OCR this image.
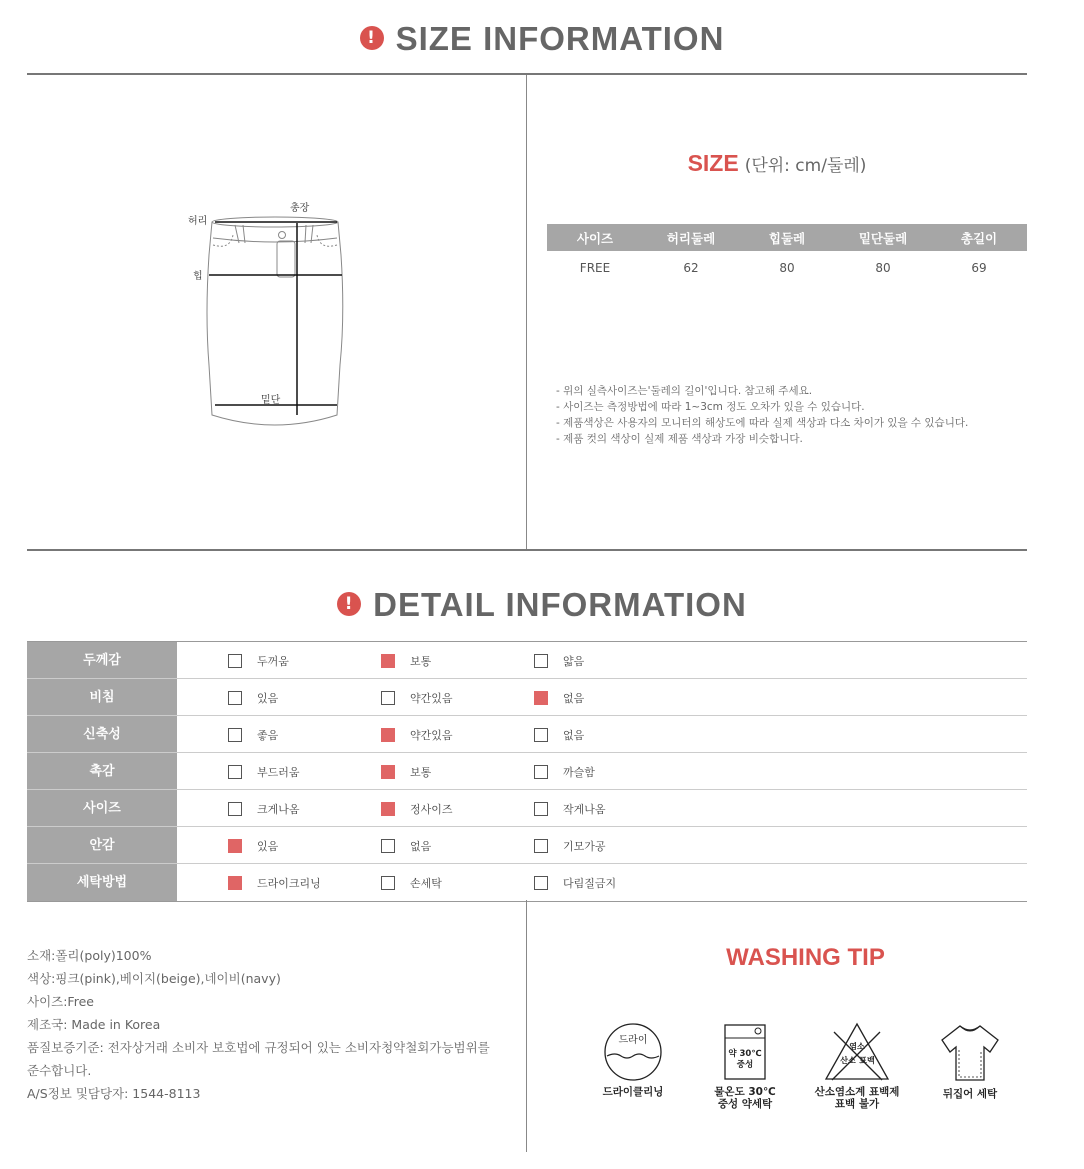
! SIZE INFORMATION
허리
총장
힙
밑단
SIZE (단위: cm/둘레)
사이즈	허리둘레	힙둘레	밑단둘레	총길이
FREE	62	80	80	69
- 위의 실측사이즈는'둘레의 길이'입니다. 참고해 주세요.
- 사이즈는 측정방법에 따라 1~3cm 정도 오차가 있을 수 있습니다.
- 제품색상은 사용자의 모니터의 해상도에 따라 실제 색상과 다소 차이가 있을 수 있습니다.
- 제품 컷의 색상이 실제 제품 색상과 가장 비슷합니다.
! DETAIL INFORMATION
두께감	두꺼움	보통	얇음
비침	있음	약간있음	없음
신축성	좋음	약간있음	없음
촉감	부드러움	보통	까슬함
사이즈	크게나옴	정사이즈	작게나옴
안감	있음	없음	기모가공
세탁방법	드라이크리닝	손세탁	다림질금지
소재:폴리(poly)100%
색상:핑크(pink),베이지(beige),네이비(navy)
사이즈:Free
제조국: Made in Korea
품질보증기준: 전자상거래 소비자 보호법에 규정되어 있는 소비자청약철회가능범위를
준수합니다.
A/S정보 및담당자: 1544-8113
WASHING TIP
드라이
드라이클리닝
약 30℃
중성
물온도 30℃
중성 약세탁
염소
산소 표백
산소염소계 표백제
표백 불가
뒤집어 세탁
